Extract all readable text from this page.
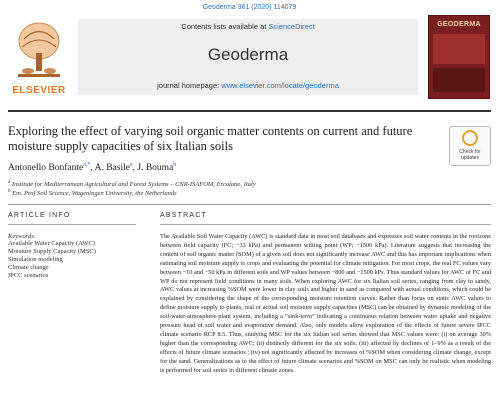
Geoderma 361 (2020) 114079
ELSEVIER
Contents lists available at ScienceDirect
Geoderma
journal homepage: www.elsevier.com/locate/geoderma
GEODERMA
Exploring the effect of varying soil organic matter contents on current and future moisture supply capacities of six Italian soils	Check for updates
Antonello Bonfante$^{a,*}$, A. Basile$^a$, J. Bouma$^b$
$^a$ Institute for Mediterranean Agricultural and Forest Systems – CNR-ISAFOM, Ercolano, Italy
$^b$ Em. Prof Soil Science, Wageningen University, the Netherlands
ARTICLE INFO
Keywords:
Available Water Capacity (AWC)
Moisture Supply Capacity (MSC)
Simulation modeling
Climate change
IPCC scenarios
ABSTRACT
The Available Soil Water Capacity (AWC) is standard data in most soil databases and expresses soil water contents in the rootzone between field capacity (FC; −33 kPa) and permanent wilting point (WP; −1500 kPa). Literature suggests that increasing the content of soil organic matter (SOM) of a given soil does not significantly increase AWC and this has important implications when estimating soil moisture supply to crops and evaluating the potential for climate mitigation. For most crops, the real FC values vary between −10 and −50 kPa in different soils and WP values between −800 and −1500 kPs. Thus standard values for AWC of FC and WP do not represent field conditions in many soils. When exploring AWC for six Italian soil series, ranging from clay to sandy, AWC values at increasing %SOM were lower in clay soils and higher in sand as compared with actual conditions, which could be explained by considering the shape of the corresponding moisture retention curves. Rather than focus on static AWC values to define moisture supply to plants, real or actual soil moisture supply capacities (MSC) can be obtained by dynamic modeling of the soil-water-atmosphere-plant system, including a “sink-term” indicating a continuous relation between water uptake and negative pressure head of soil water and evaporative demand. Also, only models allow exploration of the effects of future severe IPCC climate scenario RCP 8.5. Thus, studying MSC for the six Italian soil series showed that MSC values were: (i) on average 30% higher than the corresponding AWC; (ii) distinctly different for the six soils; (iii) affected by declines of 1–9% as a result of the effects of future climate scenarios.; (iv) not significantly affected by increases of %SOM when considering climate change, except for the sand. Generalizations as to the effect of future climate scenarios and %SOM on MSC can only be realistic when modeling is performed for soil series in different climate zones.
